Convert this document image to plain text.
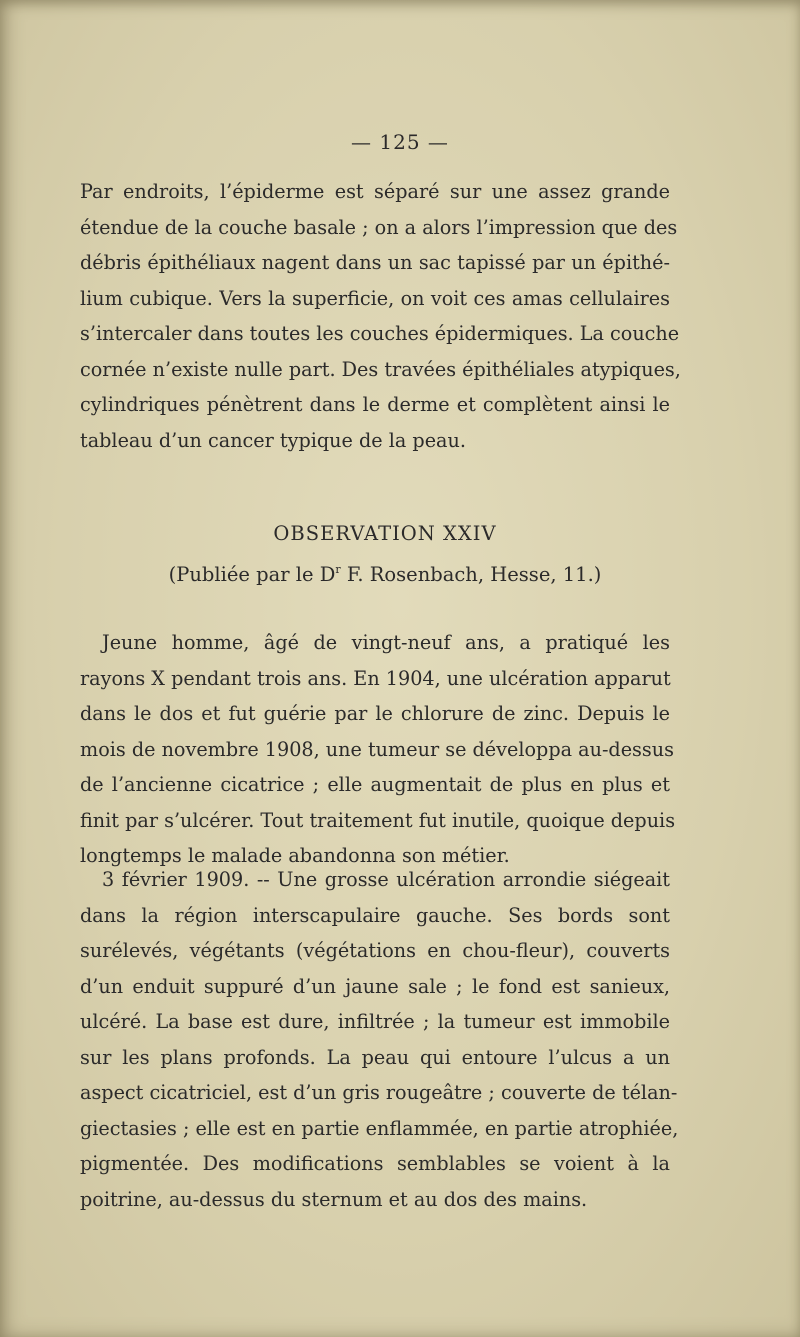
— 125 —
Par endroits, l’épiderme est séparé sur une assez grande
étendue de la couche basale ; on a alors l’impression que des
débris épithéliaux nagent dans un sac tapissé par un épithé-
lium cubique. Vers la superficie, on voit ces amas cellulaires
s’intercaler dans toutes les couches épidermiques. La couche
cornée n’existe nulle part. Des travées épithéliales atypiques,
cylindriques pénètrent dans le derme et complètent ainsi le
tableau d’un cancer typique de la peau.
OBSERVATION XXIV
(Publiée par le $D^r$ F. Rosenbach, Hesse, 11.)
Jeune homme, âgé de vingt-neuf ans, a pratiqué les
rayons X pendant trois ans. En 1904, une ulcération apparut
dans le dos et fut guérie par le chlorure de zinc. Depuis le
mois de novembre 1908, une tumeur se développa au-dessus
de l’ancienne cicatrice ; elle augmentait de plus en plus et
finit par s’ulcérer. Tout traitement fut inutile, quoique depuis
longtemps le malade abandonna son métier.
3 février 1909. -- Une grosse ulcération arrondie siégeait
dans la région interscapulaire gauche. Ses bords sont
surélevés, végétants (végétations en chou-fleur), couverts
d’un enduit suppuré d’un jaune sale ; le fond est sanieux,
ulcéré. La base est dure, infiltrée ; la tumeur est immobile
sur les plans profonds. La peau qui entoure l’ulcus a un
aspect cicatriciel, est d’un gris rougeâtre ; couverte de télan-
giectasies ; elle est en partie enflammée, en partie atrophiée,
pigmentée. Des modifications semblables se voient à la
poitrine, au-dessus du sternum et au dos des mains.
